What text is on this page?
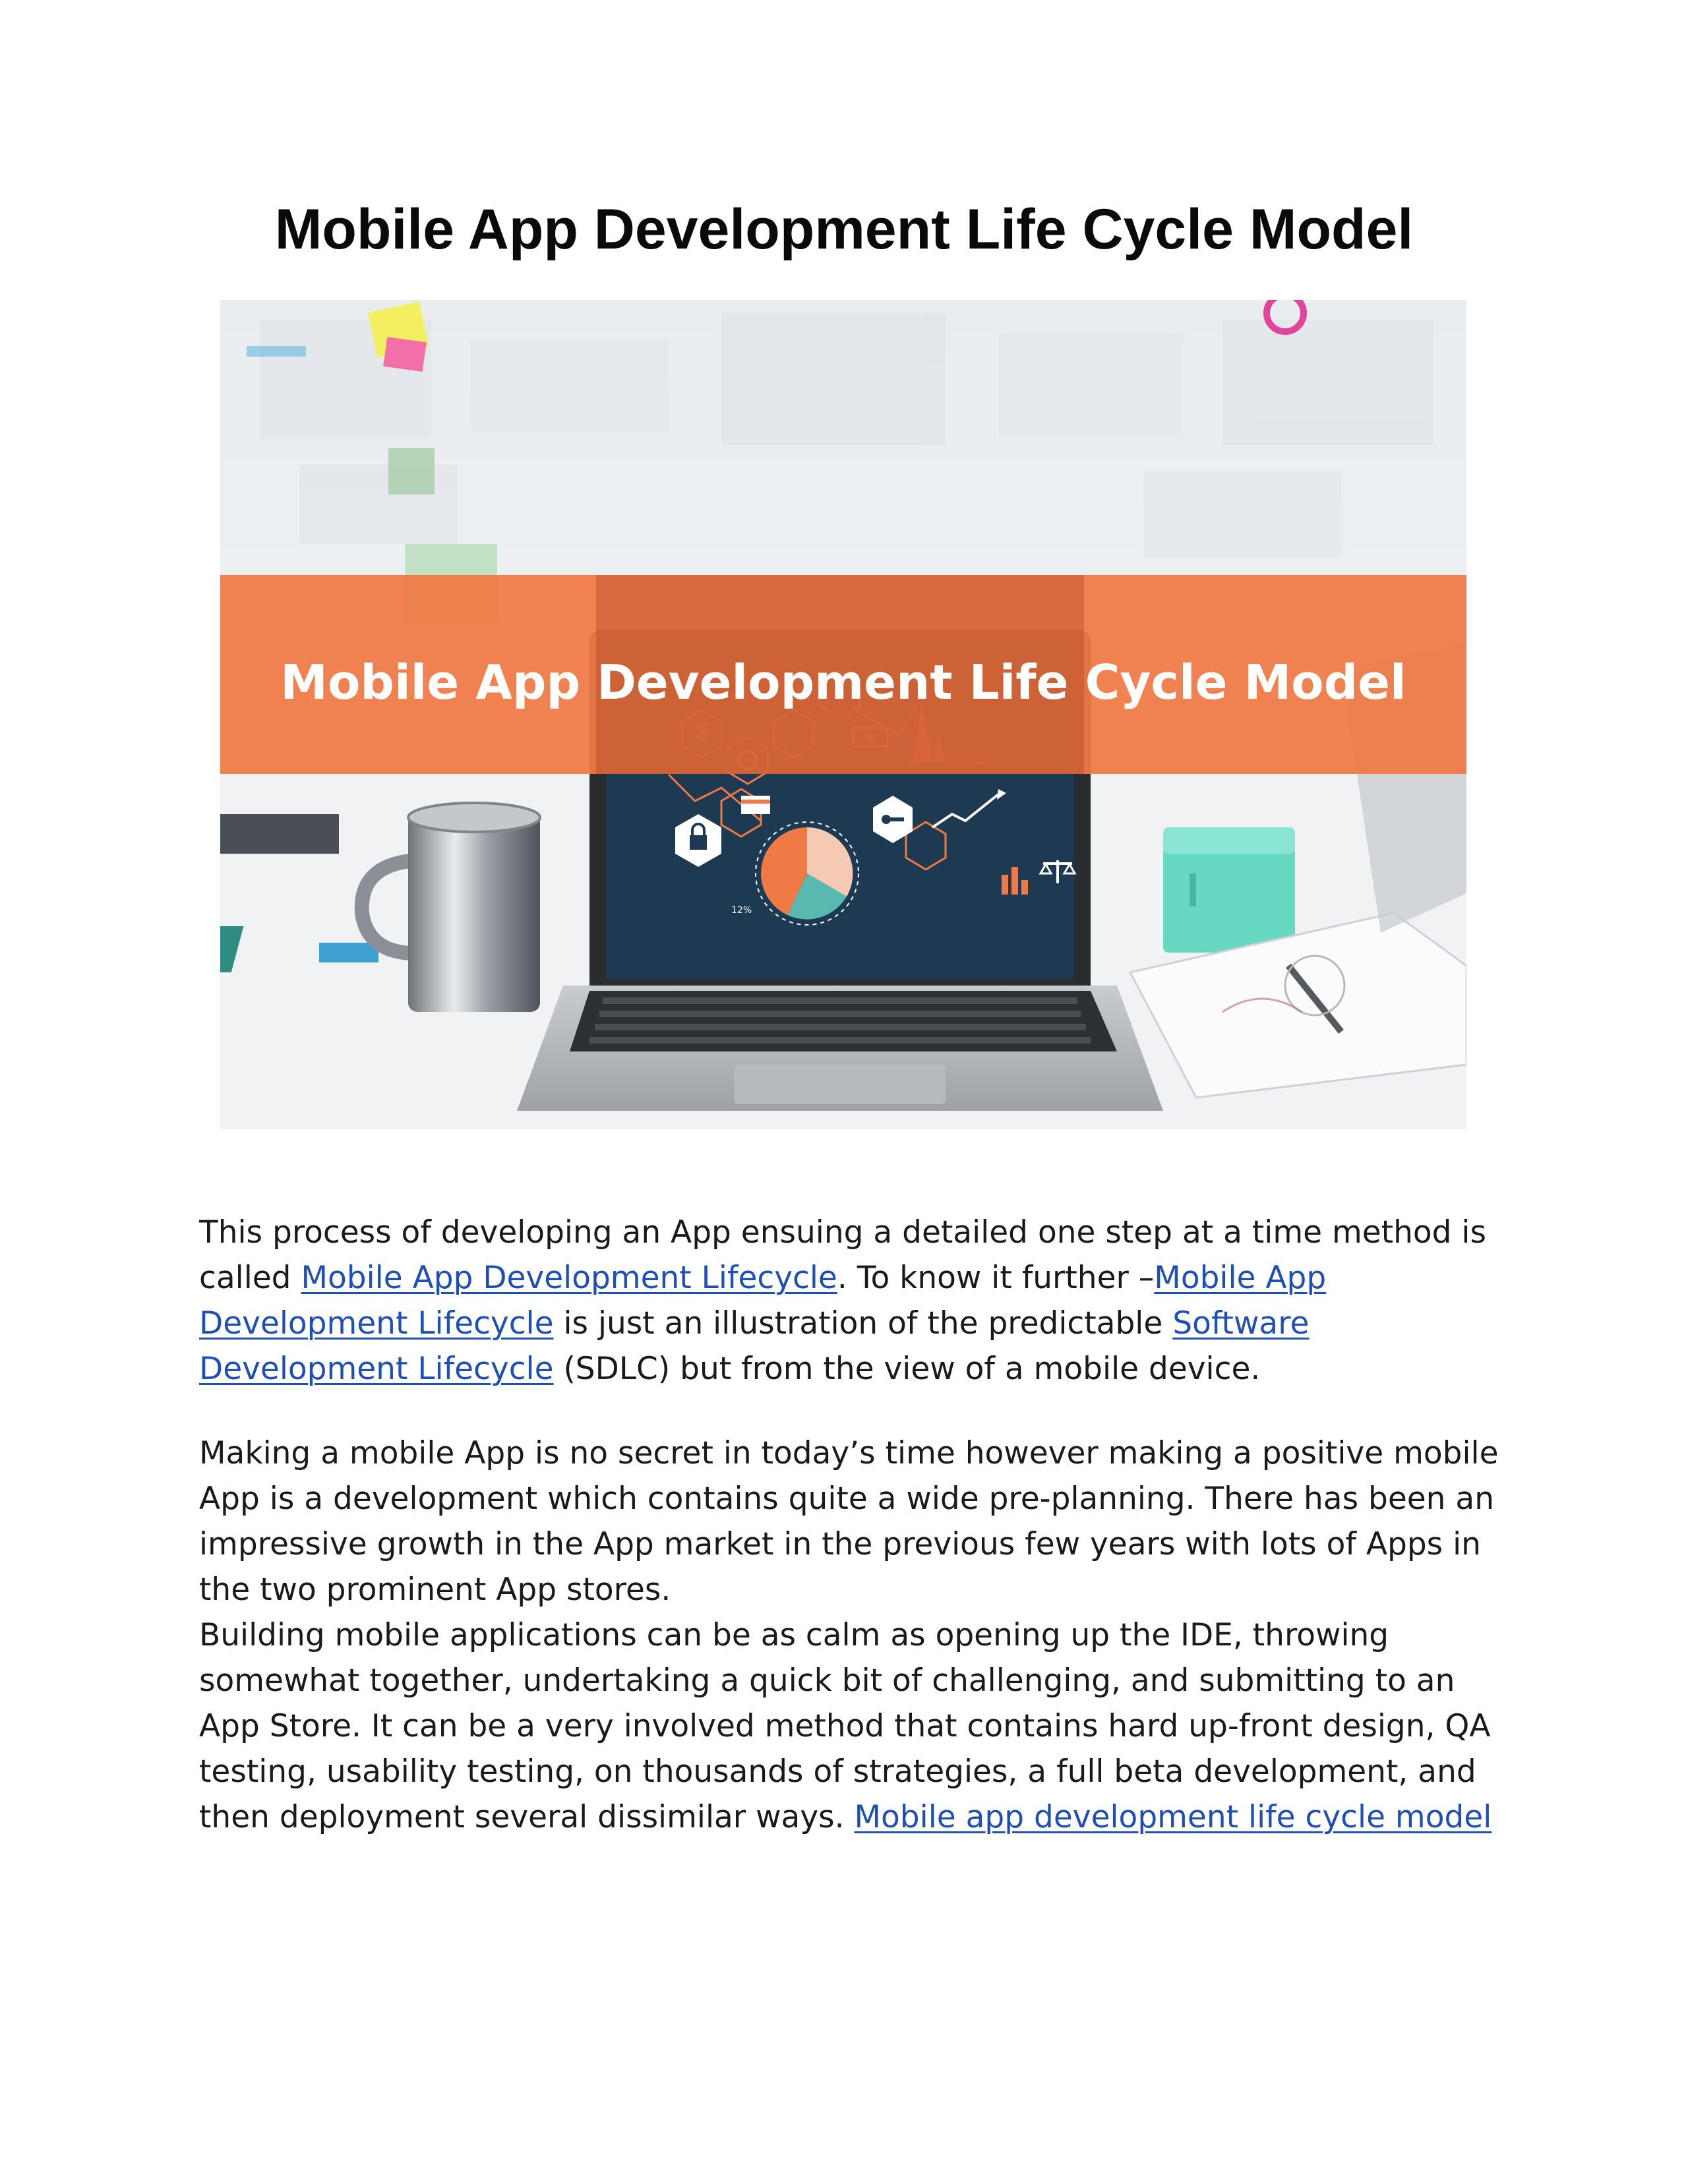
Mobile App Development Life Cycle Model
12%
Mobile App Development Life Cycle Model

This process of developing an App ensuing a detailed one step at a time method is called Mobile App Development Lifecycle. To know it further –Mobile App Development Lifecycle is just an illustration of the predictable Software Development Lifecycle (SDLC) but from the view of a mobile device.

Making a mobile App is no secret in today’s time however making a positive mobile App is a development which contains quite a wide pre-planning. There has been an impressive growth in the App market in the previous few years with lots of Apps in the two prominent App stores.

Building mobile applications can be as calm as opening up the IDE, throwing somewhat together, undertaking a quick bit of challenging, and submitting to an App Store. It can be a very involved method that contains hard up-front design, QA testing, usability testing, on thousands of strategies, a full beta development, and then deployment several dissimilar ways. Mobile app development life cycle model
